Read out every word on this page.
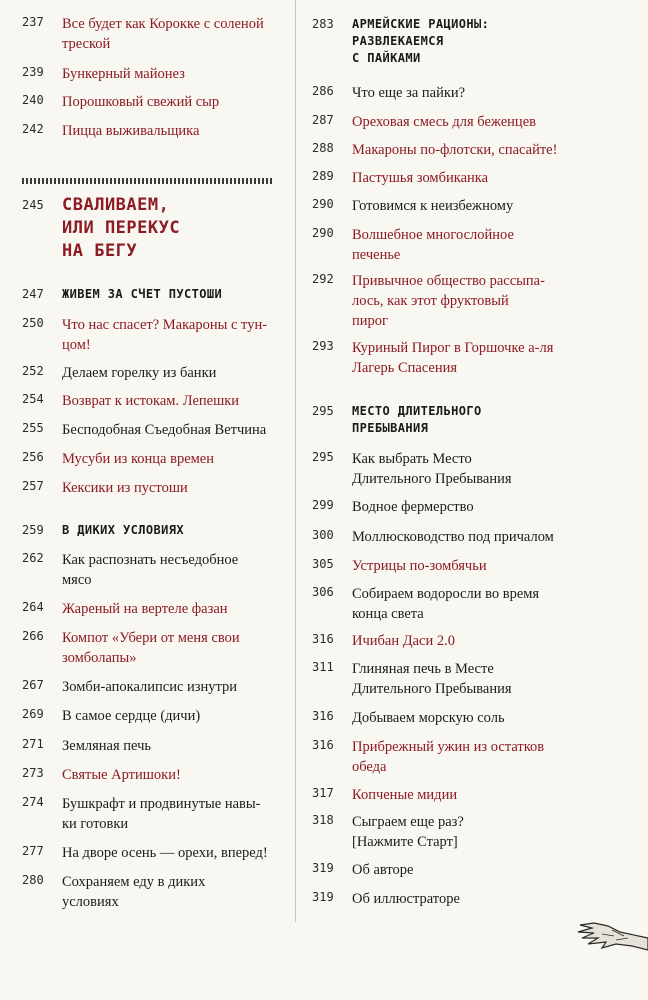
237 Все будет как Корокке с соленой
треской
239 Бункерный майонез
240 Порошковый свежий сыр
242 Пицца выживальщика
245 СВАЛИВАЕМ,
ИЛИ ПЕРЕКУС
НА БЕГУ
247 ЖИВЕМ ЗА СЧЕТ ПУСТОШИ
250 Что нас спасет? Макароны с тун-
цом!
252 Делаем горелку из банки
254 Возврат к истокам. Лепешки
255 Бесподобная Съедобная Ветчина
256 Мусуби из конца времен
257 Кексики из пустоши
259 В ДИКИХ УСЛОВИЯХ
262 Как распознать несъедобное
мясо
264 Жареный на вертеле фазан
266 Компот «Убери от меня свои
зомболапы»
267 Зомби-апокалипсис изнутри
269 В самое сердце (дичи)
271 Земляная печь
273 Святые Артишоки!
274 Бушкрафт и продвинутые навы-
ки готовки
277 На дворе осень — орехи, вперед!
280 Сохраняем еду в диких
условиях
283 АРМЕЙСКИЕ РАЦИОНЫ:
РАЗВЛЕКАЕМСЯ
С ПАЙКАМИ
286 Что еще за пайки?
287 Ореховая смесь для беженцев
288 Макароны по-флотски, спасайте!
289 Пастушья зомбиканка
290 Готовимся к неизбежному
290 Волшебное многослойное
печенье
292 Привычное общество рассыпа-
лось, как этот фруктовый
пирог
293 Куриный Пирог в Горшочке а-ля
Лагерь Спасения
295 МЕСТО ДЛИТЕЛЬНОГО
ПРЕБЫВАНИЯ
295 Как выбрать Место
Длительного Пребывания
299 Водное фермерство
300 Моллюсководство под причалом
305 Устрицы по-зомбячьи
306 Собираем водоросли во время
конца света
316 Ичибан Даси 2.0
311 Глиняная печь в Месте
Длительного Пребывания
316 Добываем морскую соль
316 Прибрежный ужин из остатков
обеда
317 Копченые мидии
318 Сыграем еще раз?
[Нажмите Старт]
319 Об авторе
319 Об иллюстраторе
